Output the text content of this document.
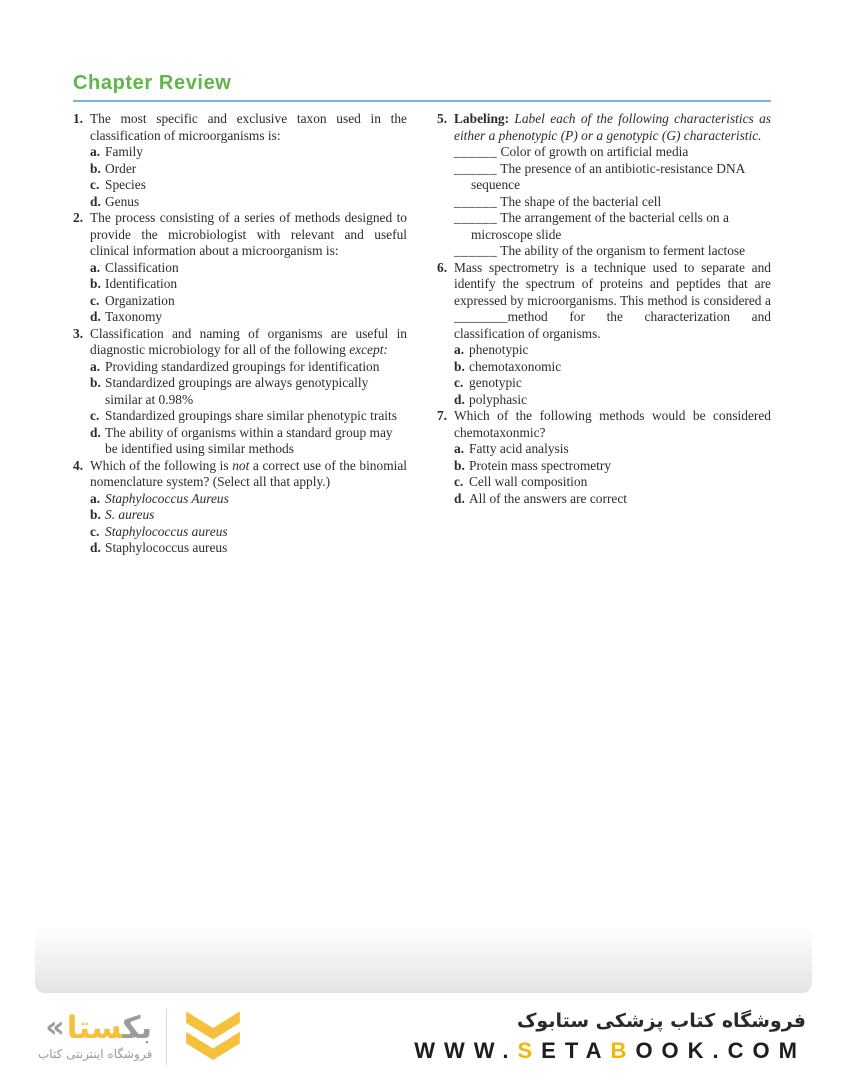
Chapter Review
1. The most specific and exclusive taxon used in the classification of microorganisms is:
a. Family
b. Order
c. Species
d. Genus
2. The process consisting of a series of methods designed to provide the microbiologist with relevant and useful clinical information about a microorganism is:
a. Classification
b. Identification
c. Organization
d. Taxonomy
3. Classification and naming of organisms are useful in diagnostic microbiology for all of the following except:
a. Providing standardized groupings for identification
b. Standardized groupings are always genotypically similar at 0.98%
c. Standardized groupings share similar phenotypic traits
d. The ability of organisms within a standard group may be identified using similar methods
4. Which of the following is not a correct use of the binomial nomenclature system? (Select all that apply.)
a. Staphylococcus Aureus
b. S. aureus
c. Staphylococcus aureus
d. Staphylococcus aureus
5. Labeling: Label each of the following characteristics as either a phenotypic (P) or a genotypic (G) characteristic.
______ Color of growth on artificial media
______ The presence of an antibiotic-resistance DNA sequence
______ The shape of the bacterial cell
______ The arrangement of the bacterial cells on a microscope slide
______ The ability of the organism to ferment lactose
6. Mass spectrometry is a technique used to separate and identify the spectrum of proteins and peptides that are expressed by microorganisms. This method is considered a ________method for the characterization and classification of organisms.
a. phenotypic
b. chemotaxonomic
c. genotypic
d. polyphasic
7. Which of the following methods would be considered chemotaxonmic?
a. Fatty acid analysis
b. Protein mass spectrometry
c. Cell wall composition
d. All of the answers are correct
«	بکستا
فروشگاه اینترنتی کتاب
فروشگاه کتاب پزشکی ستابوک
WWW.SETABOOK.COM
